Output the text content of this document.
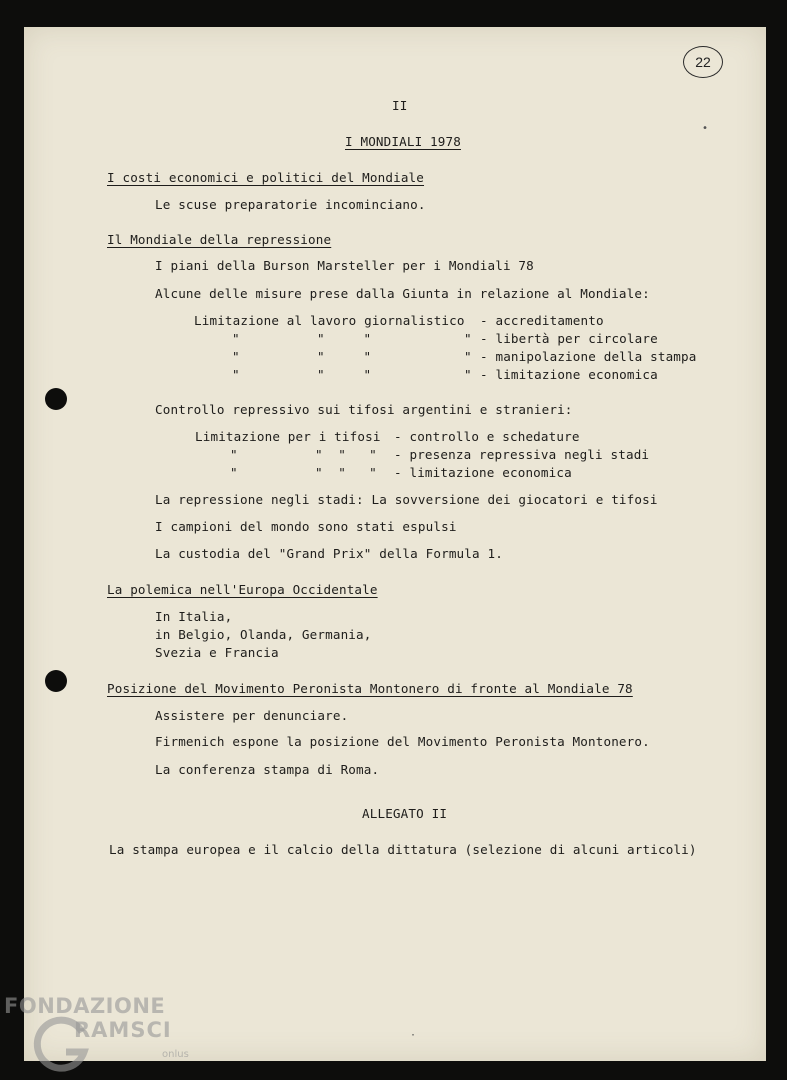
22
•
II
I MONDIALI 1978
I costi economici e politici del Mondiale
Le scuse preparatorie incominciano.
Il Mondiale della repressione
I piani della Burson Marsteller per i Mondiali 78
Alcune delle misure prese dalla Giunta in relazione al Mondiale:
Limitazione al lavoro giornalistico - accreditamento
"          "     "            " - libertà per circolare
"          "     "            " - manipolazione della stampa
"          "     "            " - limitazione economica
Controllo repressivo sui tifosi argentini e stranieri:
Limitazione per i tifosi - controllo e schedature
"          "  "   " - presenza repressiva negli stadi
"          "  "   " - limitazione economica
La repressione negli stadi: La sovversione dei giocatori e tifosi
I campioni del mondo sono stati espulsi
La custodia del "Grand Prix" della Formula 1.
La polemica nell'Europa Occidentale
In Italia,
in Belgio, Olanda, Germania,
Svezia e Francia
Posizione del Movimento Peronista Montonero di fronte al Mondiale 78
Assistere per denunciare.
Firmenich espone la posizione del Movimento Peronista Montonero.
La conferenza stampa di Roma.
ALLEGATO II
La stampa europea e il calcio della dittatura (selezione di alcuni articoli)
·
FONDAZIONE
RAMSCI
onlus
